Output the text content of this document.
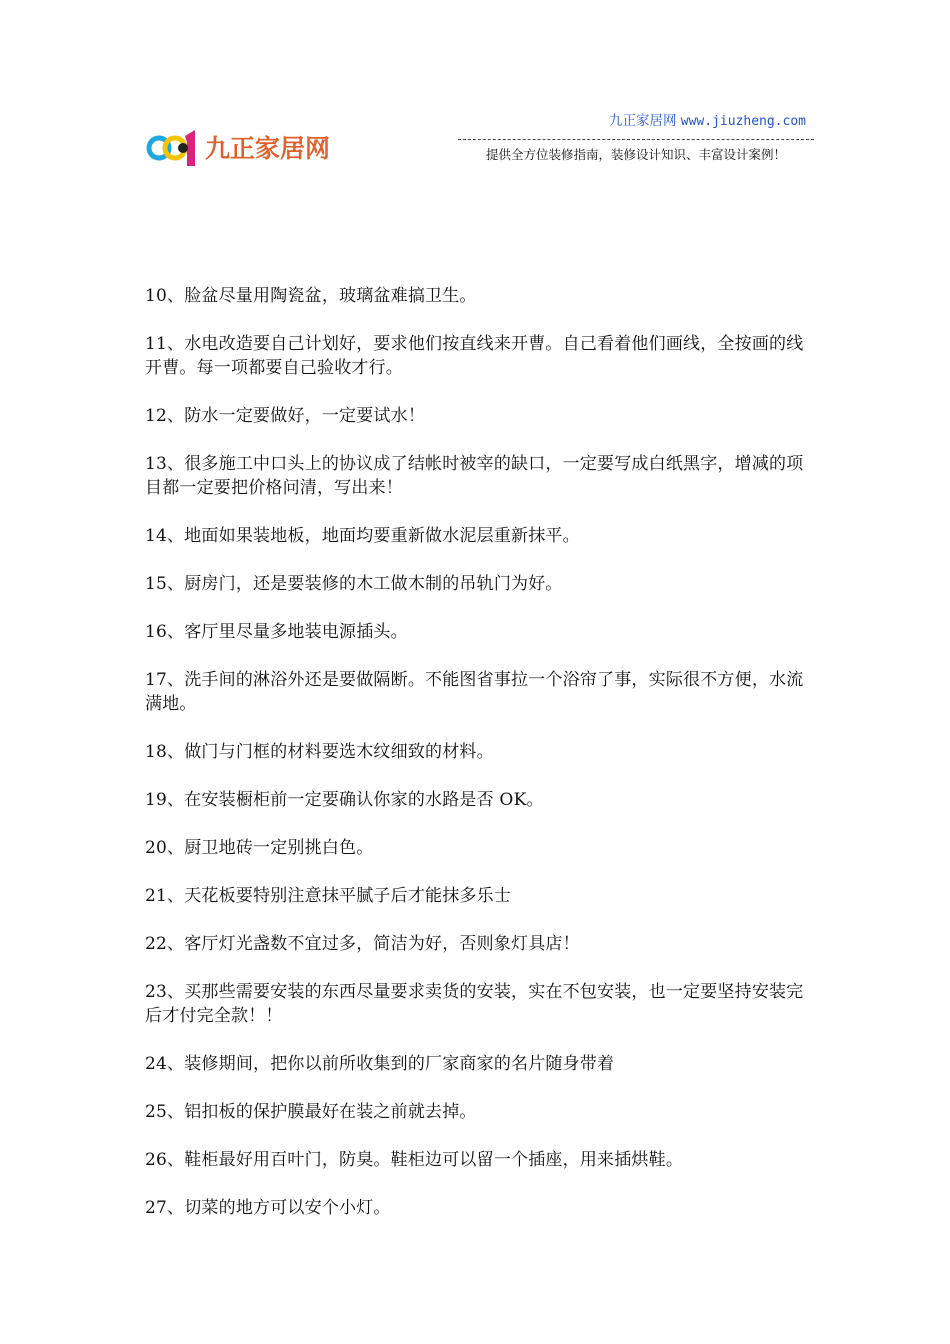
九正家居网
九正家居网 www.jiuzheng.com
提供全方位装修指南，装修设计知识、丰富设计案例！

10、脸盆尽量用陶瓷盆，玻璃盆难搞卫生。

11、水电改造要自己计划好，要求他们按直线来开曹。自己看着他们画线，全按画的线开曹。每一项都要自己验收才行。

12、防水一定要做好，一定要试水！

13、很多施工中口头上的协议成了结帐时被宰的缺口，一定要写成白纸黑字，增减的项目都一定要把价格问清，写出来！

14、地面如果装地板，地面均要重新做水泥层重新抹平。

15、厨房门，还是要装修的木工做木制的吊轨门为好。

16、客厅里尽量多地装电源插头。

17、洗手间的淋浴外还是要做隔断。不能图省事拉一个浴帘了事，实际很不方便，水流满地。

18、做门与门框的材料要选木纹细致的材料。

19、在安装橱柜前一定要确认你家的水路是否 OK。

20、厨卫地砖一定别挑白色。

21、天花板要特别注意抹平腻子后才能抹多乐士

22、客厅灯光盏数不宜过多，简洁为好，否则象灯具店！

23、买那些需要安装的东西尽量要求卖货的安装，实在不包安装，也一定要坚持安装完后才付完全款！！

24、装修期间，把你以前所收集到的厂家商家的名片随身带着

25、铝扣板的保护膜最好在装之前就去掉。

26、鞋柜最好用百叶门，防臭。鞋柜边可以留一个插座，用来插烘鞋。

27、切菜的地方可以安个小灯。
